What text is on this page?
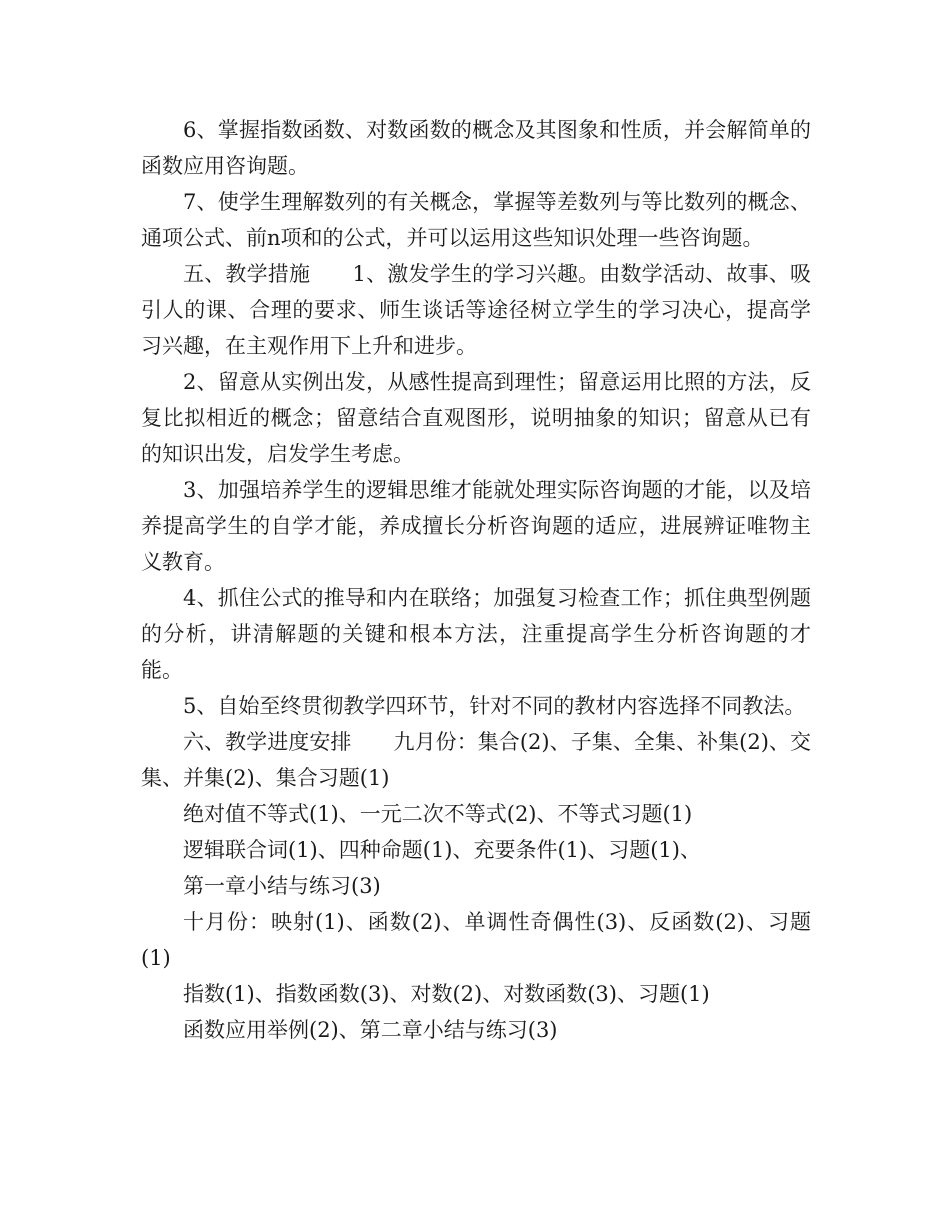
6、掌握指数函数、对数函数的概念及其图象和性质，并会解简单的函数应用咨询题。

7、使学生理解数列的有关概念，掌握等差数列与等比数列的概念、通项公式、前n项和的公式，并可以运用这些知识处理一些咨询题。

五、教学措施　　1、激发学生的学习兴趣。由数学活动、故事、吸引人的课、合理的要求、师生谈话等途径树立学生的学习决心，提高学习兴趣，在主观作用下上升和进步。

2、留意从实例出发，从感性提高到理性；留意运用比照的方法，反复比拟相近的概念；留意结合直观图形，说明抽象的知识；留意从已有的知识出发，启发学生考虑。

3、加强培养学生的逻辑思维才能就处理实际咨询题的才能，以及培养提高学生的自学才能，养成擅长分析咨询题的适应，进展辨证唯物主义教育。

4、抓住公式的推导和内在联络；加强复习检查工作；抓住典型例题的分析，讲清解题的关键和根本方法，注重提高学生分析咨询题的才能。

5、自始至终贯彻教学四环节，针对不同的教材内容选择不同教法。

六、教学进度安排　　九月份：集合(2)、子集、全集、补集(2)、交集、并集(2)、集合习题(1)

绝对值不等式(1)、一元二次不等式(2)、不等式习题(1)

逻辑联合词(1)、四种命题(1)、充要条件(1)、习题(1)、

第一章小结与练习(3)

十月份：映射(1)、函数(2)、单调性奇偶性(3)、反函数(2)、习题(1)

指数(1)、指数函数(3)、对数(2)、对数函数(3)、习题(1)

函数应用举例(2)、第二章小结与练习(3)
